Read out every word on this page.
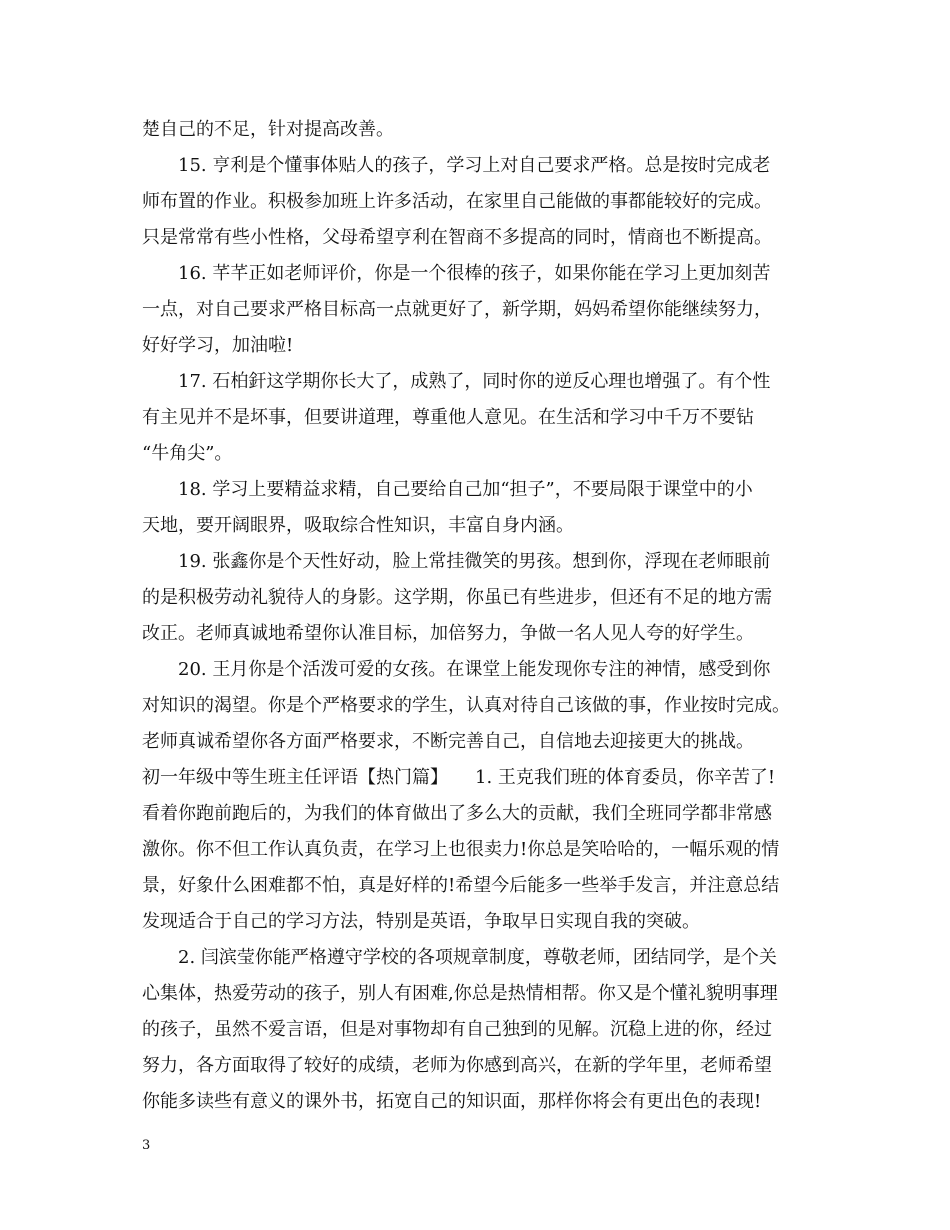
楚自己的不足，针对提高改善。
15. 亨利是个懂事体贴人的孩子，学习上对自己要求严格。总是按时完成老
师布置的作业。积极参加班上许多活动，在家里自己能做的事都能较好的完成。
只是常常有些小性格，父母希望亨利在智商不多提高的同时，情商也不断提高。
16. 芊芊正如老师评价，你是一个很棒的孩子，如果你能在学习上更加刻苦
一点，对自己要求严格目标高一点就更好了，新学期，妈妈希望你能继续努力，
好好学习，加油啦!
17. 石柏釬这学期你长大了，成熟了，同时你的逆反心理也增强了。有个性
有主见并不是坏事，但要讲道理，尊重他人意见。在生活和学习中千万不要钻
“牛角尖”。
18. 学习上要精益求精，自己要给自己加“担子”，不要局限于课堂中的小
天地，要开阔眼界，吸取综合性知识，丰富自身内涵。
19. 张鑫你是个天性好动，脸上常挂微笑的男孩。想到你，浮现在老师眼前
的是积极劳动礼貌待人的身影。这学期，你虽已有些进步，但还有不足的地方需
改正。老师真诚地希望你认准目标，加倍努力，争做一名人见人夸的好学生。
20. 王月你是个活泼可爱的女孩。在课堂上能发现你专注的神情，感受到你
对知识的渴望。你是个严格要求的学生，认真对待自己该做的事，作业按时完成。
老师真诚希望你各方面严格要求，不断完善自己，自信地去迎接更大的挑战。
初一年级中等生班主任评语【热门篇】　　1. 王克我们班的体育委员，你辛苦了!
看着你跑前跑后的，为我们的体育做出了多么大的贡献，我们全班同学都非常感
激你。你不但工作认真负责，在学习上也很卖力!你总是笑哈哈的，一幅乐观的情
景，好象什么困难都不怕，真是好样的!希望今后能多一些举手发言，并注意总结
发现适合于自己的学习方法，特别是英语，争取早日实现自我的突破。
2. 闫滨莹你能严格遵守学校的各项规章制度，尊敬老师，团结同学，是个关
心集体，热爱劳动的孩子，别人有困难,你总是热情相帮。你又是个懂礼貌明事理
的孩子，虽然不爱言语，但是对事物却有自己独到的见解。沉稳上进的你，经过
努力，各方面取得了较好的成绩，老师为你感到高兴，在新的学年里，老师希望
你能多读些有意义的课外书，拓宽自己的知识面，那样你将会有更出色的表现!
3
